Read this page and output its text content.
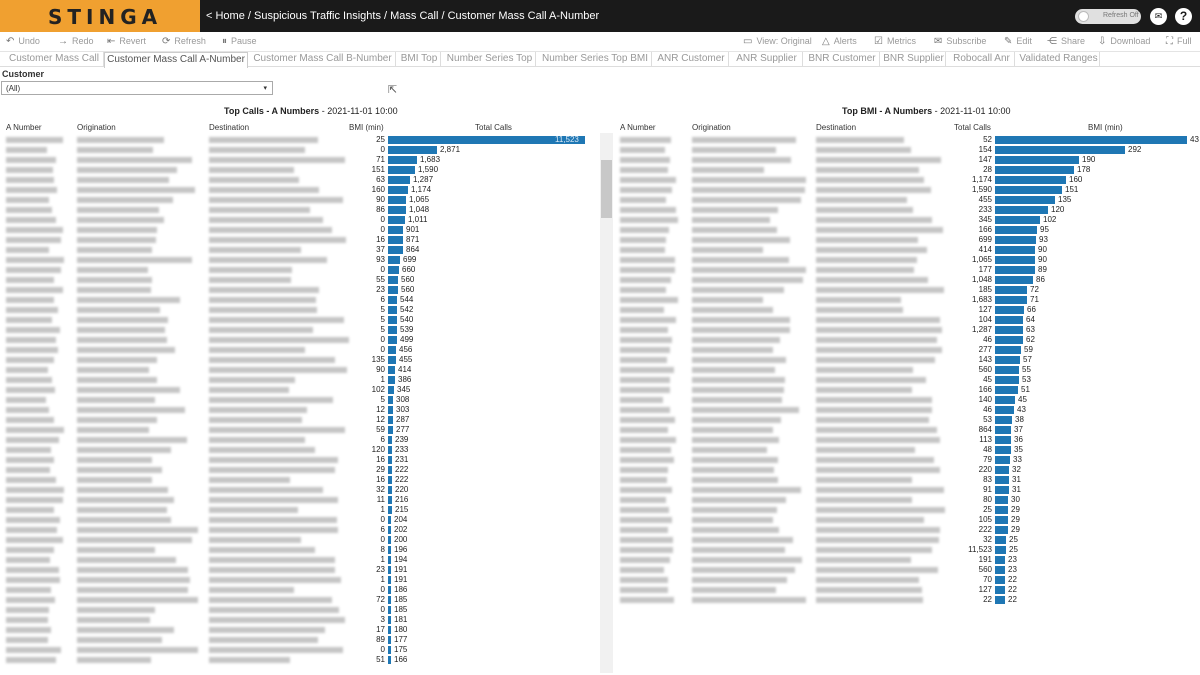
STINGA	< Home / Suspicious Traffic Insights / Mass Call / Customer Mass Call A-Number	Refresh Off	✉	?
↶ Undo → Redo ⇤ Revert ⟳ Refresh ⏸ Pause	▭ View: Original △ Alerts ☑ Metrics ✉ Subscribe ✎ Edit ⋲ Share ⇩ Download ⛶ Full
Customer Mass Call Customer Mass Call A-Number Customer Mass Call B-Number BMI Top Number Series Top Number Series Top BMI ANR Customer	ANR Supplier	BNR Customer BNR Supplier Robocall Anr Validated Ranges
Customer
(All)	▾	⇱
Top Calls - A Numbers - 2021-11-01 10:00	Top BMI - A Numbers - 2021-11-01 10:00
A Number	Origination	Destination	BMI (min)	Total Calls	A Number	Origination	Destination	Total Calls	BMI (min)
25	11,523
0	2,871
71	1,683
151	1,590
63	1,287
160	1,174
90	1,065
86	1,048
0	1,011
0	901
16	871
37	864
93 699
0 660
55 560
23 560
6 544
5 542
5 540
5 539
0 499
0 456
135 455
90 414
1 386
102 345
5 308
12 303
12 287
59 277
6 239
120 233
16 231
29 222
16 222
32 220
11 216
1 215
0 204
6 202
0 200
8 196
1 194
23 191
1 191
0 186
72 185
0 185
3 181
17 180
89 177
0 175
51 166
52	43
154	292
147	190
28	178
1,174	160
1,590	151
455	135
233	120
345	102
166	95
699	93
414	90
1,065	90
177	89
1,048	86
185	72
1,683	71
127	66
104	64
1,287	63
46	62
277	59
143	57
560	55
45	53
166	51
140	45
46	43
53	38
864	37
113	36
48	35
79	33
220	32
83	31
91	31
80 30
25 29
105 29
222 29
32 25
11,523 25
191 23
560 23
70 22
127 22
22 22
